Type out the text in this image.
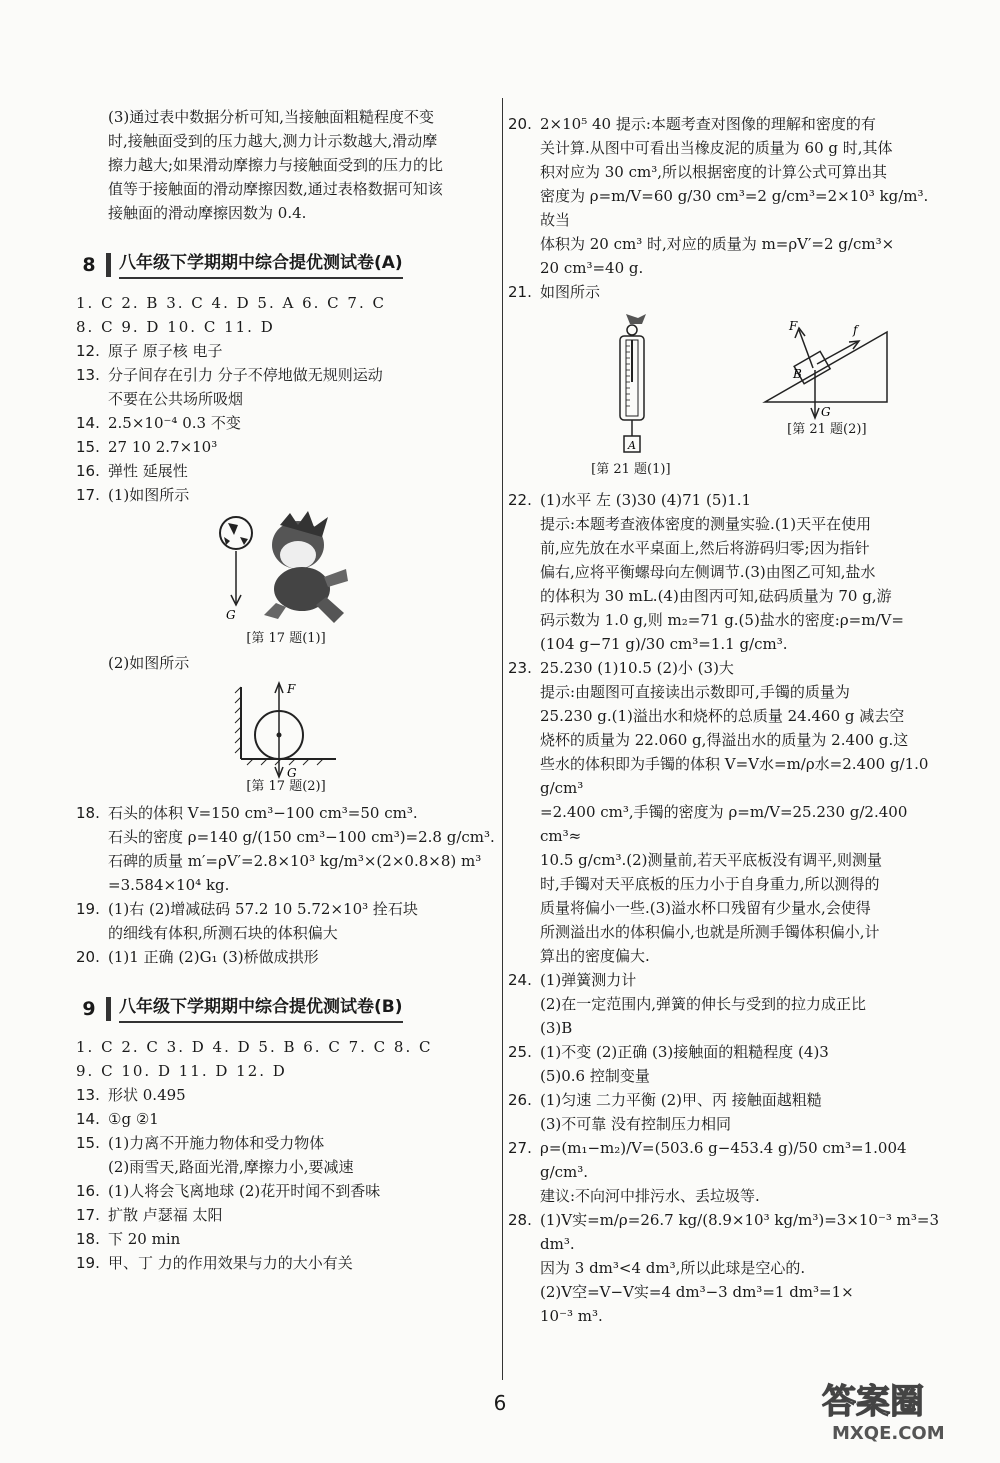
(3)通过表中数据分析可知,当接触面粗糙程度不变
时,接触面受到的压力越大,测力计示数越大,滑动摩
擦力越大;如果滑动摩擦力与接触面受到的压力的比
值等于接触面的滑动摩擦因数,通过表格数据可知该
接触面的滑动摩擦因数为 0.4.
8	八年级下学期期中综合提优测试卷(A)
1. C 2. B 3. C 4. D 5. A 6. C 7. C
8. C 9. D 10. C 11. D
12. 原子 原子核 电子
13. 分子间存在引力 分子不停地做无规则运动
不要在公共场所吸烟
14. 2.5×10⁻⁴ 0.3 不变
15. 27 10 2.7×10³
16. 弹性 延展性
17. (1)如图所示
G
[第 17 题(1)]
(2)如图所示
F
G
[第 17 题(2)]
18. 石头的体积 V=150 cm³−100 cm³=50 cm³.
石头的密度 ρ=140 g/(150 cm³−100 cm³)=2.8 g/cm³.
石碑的质量 m′=ρV′=2.8×10³ kg/m³×(2×0.8×8) m³
=3.584×10⁴ kg.
19. (1)右 (2)增减砝码 57.2 10 5.72×10³ 拴石块
的细线有体积,所测石块的体积偏大
20. (1)1 正确 (2)G₁ (3)桥做成拱形
9	八年级下学期期中综合提优测试卷(B)
1. C 2. C 3. D 4. D 5. B 6. C 7. C 8. C
9. C 10. D 11. D 12. D
13. 形状 0.495
14. ①g ②1
15. (1)力离不开施力物体和受力物体
(2)雨雪天,路面光滑,摩擦力小,要减速
16. (1)人将会飞离地球 (2)花开时闻不到香味
17. 扩散 卢瑟福 太阳
18. 下 20 min
19. 甲、丁 力的作用效果与力的大小有关
20. 2×10⁵ 40 提示:本题考查对图像的理解和密度的有
关计算.从图中可看出当橡皮泥的质量为 60 g 时,其体
积对应为 30 cm³,所以根据密度的计算公式可算出其
密度为 ρ=m/V=60 g/30 cm³=2 g/cm³=2×10³ kg/m³.故当
体积为 20 cm³ 时,对应的质量为 m=ρV′=2 g/cm³×
20 cm³=40 g.
21. 如图所示
A
[第 21 题(1)]
B
F	f
G
[第 21 题(2)]
22. (1)水平 左 (3)30 (4)71 (5)1.1
提示:本题考查液体密度的测量实验.(1)天平在使用
前,应先放在水平桌面上,然后将游码归零;因为指针
偏右,应将平衡螺母向左侧调节.(3)由图乙可知,盐水
的体积为 30 mL.(4)由图丙可知,砝码质量为 70 g,游
码示数为 1.0 g,则 m₂=71 g.(5)盐水的密度:ρ=m/V=
(104 g−71 g)/30 cm³=1.1 g/cm³.
23. 25.230 (1)10.5 (2)小 (3)大
提示:由题图可直接读出示数即可,手镯的质量为
25.230 g.(1)溢出水和烧杯的总质量 24.460 g 减去空
烧杯的质量为 22.060 g,得溢出水的质量为 2.400 g.这
些水的体积即为手镯的体积 V=V水=m/ρ水=2.400 g/1.0 g/cm³
=2.400 cm³,手镯的密度为 ρ=m/V=25.230 g/2.400 cm³≈
10.5 g/cm³.(2)测量前,若天平底板没有调平,则测量
时,手镯对天平底板的压力小于自身重力,所以测得的
质量将偏小一些.(3)溢水杯口残留有少量水,会使得
所测溢出水的体积偏小,也就是所测手镯体积偏小,计
算出的密度偏大.
24. (1)弹簧测力计
(2)在一定范围内,弹簧的伸长与受到的拉力成正比
(3)B
25. (1)不变 (2)正确 (3)接触面的粗糙程度 (4)3
(5)0.6 控制变量
26. (1)匀速 二力平衡 (2)甲、丙 接触面越粗糙
(3)不可靠 没有控制压力相同
27. ρ=(m₁−m₂)/V=(503.6 g−453.4 g)/50 cm³=1.004 g/cm³.
建议:不向河中排污水、丢垃圾等.
28. (1)V实=m/ρ=26.7 kg/(8.9×10³ kg/m³)=3×10⁻³ m³=3 dm³.
因为 3 dm³<4 dm³,所以此球是空心的.
(2)V空=V−V实=4 dm³−3 dm³=1 dm³=1×
10⁻³ m³.
6	答案圈
MXQE.COM
